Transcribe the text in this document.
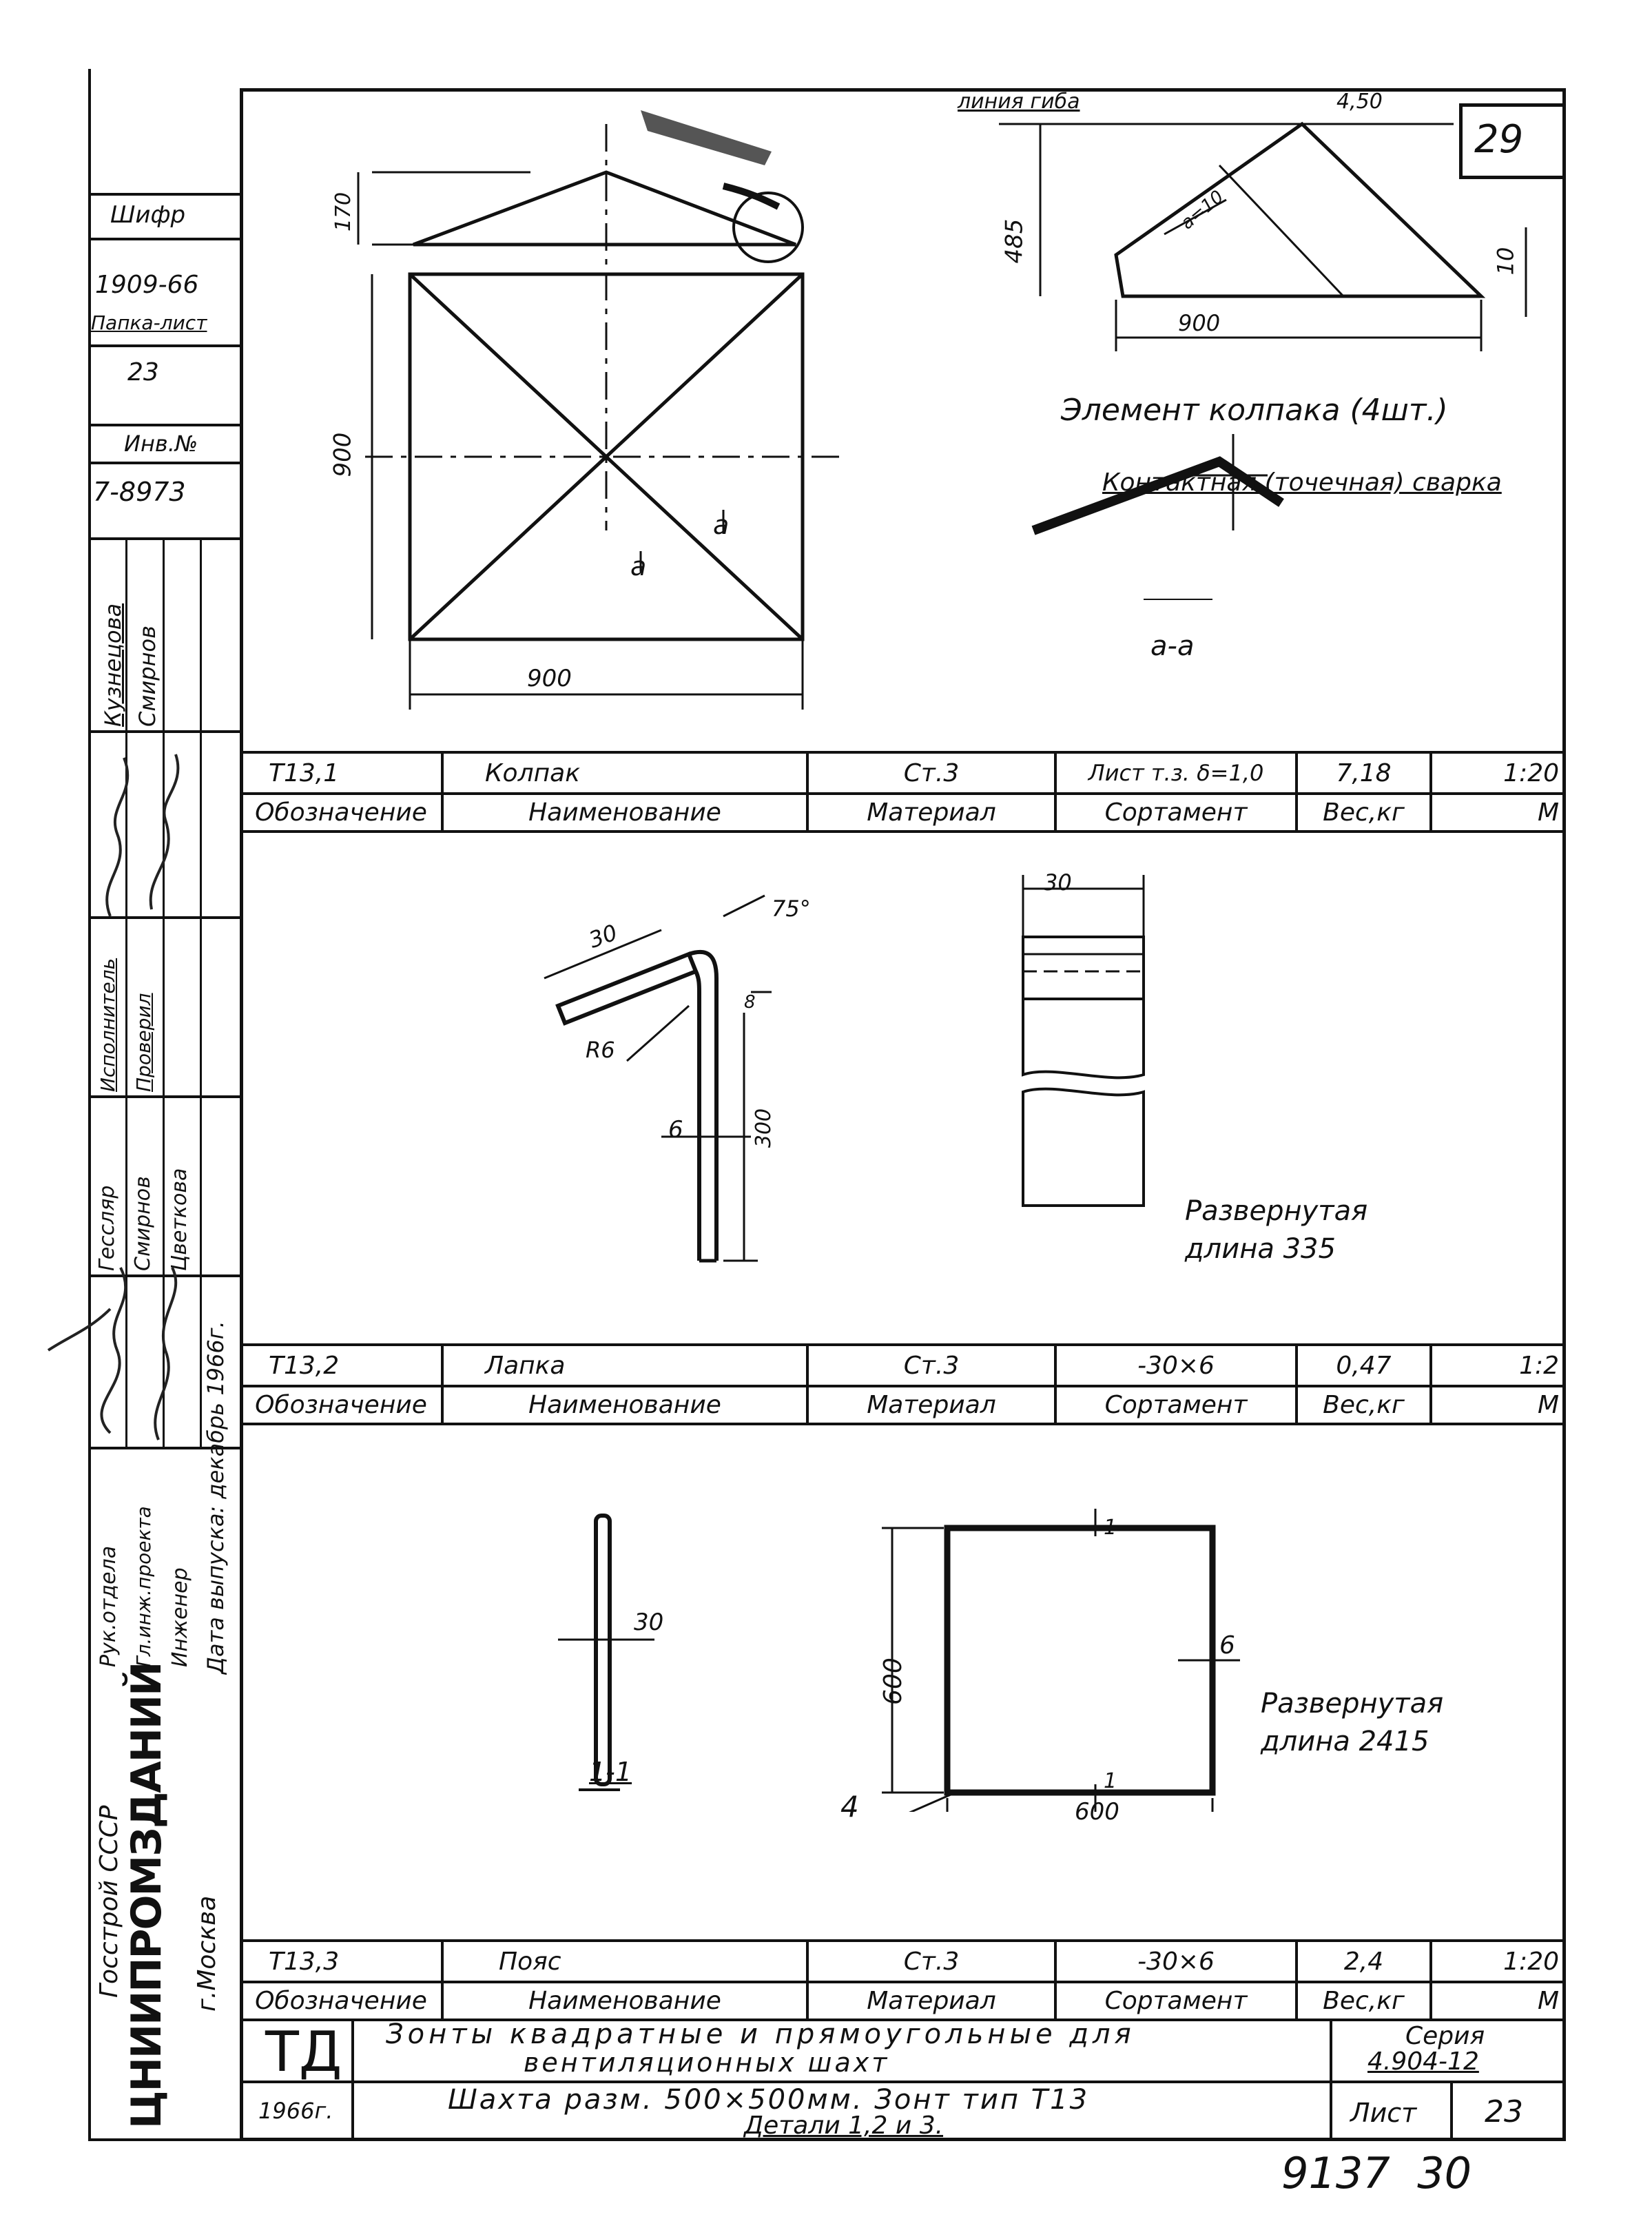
Шифр
1909-66
Папка-лист
23
Инв.№
7-8973
Кузнецова Смирнов
Гессляр Смирнов Цветкова
Исполнитель Проверил
Рук.отдела Гл.инж.проекта Инженер Дата выпуска: декабрь 1966г.
Госстрой СССР ЦНИИПРОМЗДАНИЙ г.Москва
29
170
900
900
a
a
485
900
10
линия гиба	4,50
a=10
Элемент колпака (4шт.)
Контактная (точечная) сварка
a-a
T13,1	Колпак	Ст.3	Лист т.з. δ=1,0	7,18	1:20
Обозначение	Наименование	Материал	Сортамент	Вес,кг	М
30
75°
R6
8
300
6
30
Развернутая
длина 335
T13,2	Лапка	Ст.3	-30×6	0,47	1:2
Обозначение	Наименование	Материал	Сортамент	Вес,кг	М
30
1-1
600
600
6
4
1
1
Развернутая
длина 2415
T13,3	Пояс	Ст.3	-30×6	2,4	1:20
Обозначение	Наименование	Материал	Сортамент	Вес,кг	М
ТД Зонты квадратные и прямоугольные для
вентиляционных шахт
Серия
4.904-12
1966г.	Шахта разм. 500×500мм. Зонт тип T13
Детали 1,2 и 3.	Лист 23
9137  30
